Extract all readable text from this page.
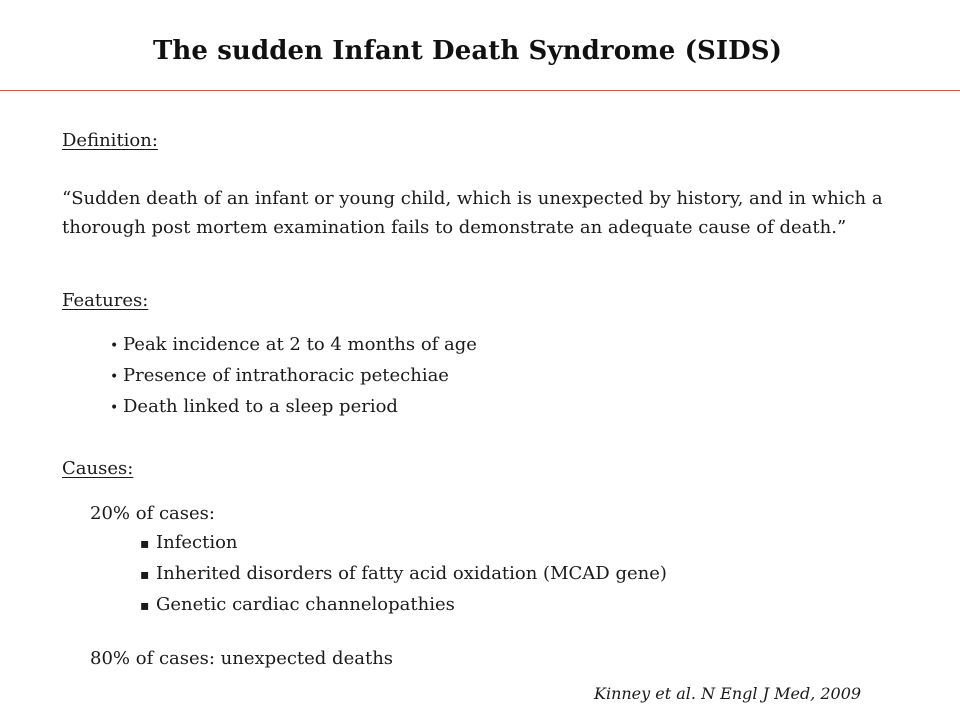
The sudden Infant Death Syndrome (SIDS)
Definition:

“Sudden death of an infant or young child, which is unexpected by history, and in which a thorough post mortem examination fails to demonstrate an adequate cause of death.”

Features:
• Peak incidence at 2 to 4 months of age
• Presence of intrathoracic petechiae
• Death linked to a sleep period
Causes:
20% of cases:
▪ Infection
▪ Inherited disorders of fatty acid oxidation (MCAD gene)
▪ Genetic cardiac channelopathies
80% of cases: unexpected deaths
Kinney et al. N Engl J Med, 2009
